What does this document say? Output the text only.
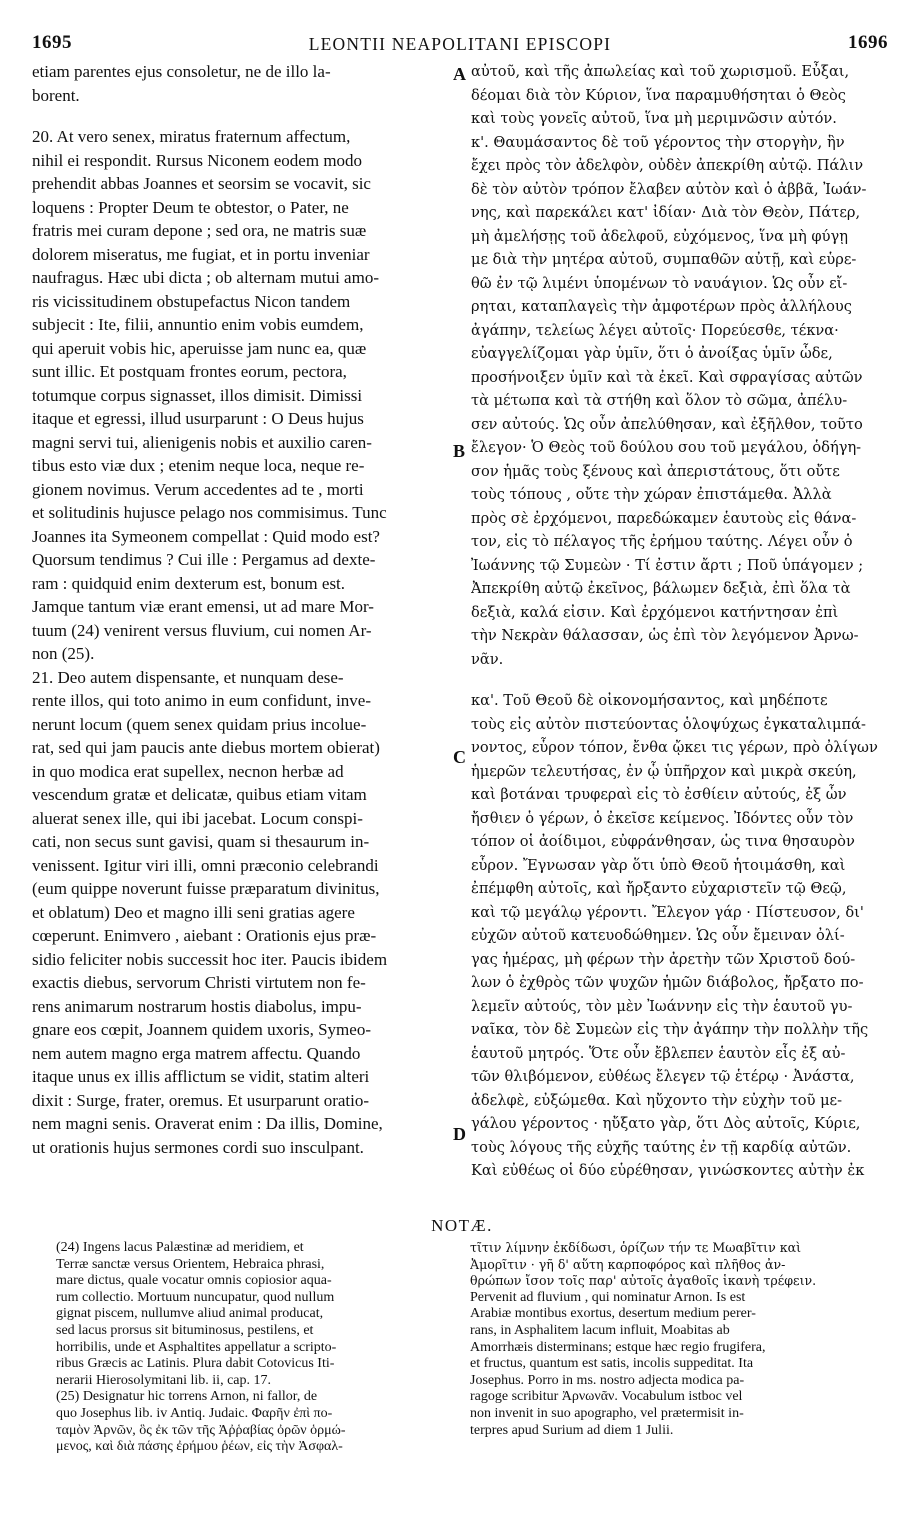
1695	LEONTII NEAPOLITANI EPISCOPI	1696
etiam parentes ejus consoletur, ne de illo la-
borent.
20. At vero senex, miratus fraternum affectum,
nihil ei respondit. Rursus Niconem eodem modo
prehendit abbas Joannes et seorsim se vocavit, sic
loquens : Propter Deum te obtestor, o Pater, ne
fratris mei curam depone ; sed ora, ne matris suæ
dolorem miseratus, me fugiat, et in portu inveniar
naufragus. Hæc ubi dicta ; ob alternam mutui amo-
ris vicissitudinem obstupefactus Nicon tandem
subjecit : Ite, filii, annuntio enim vobis eumdem,
qui aperuit vobis hic, aperuisse jam nunc ea, quæ
sunt illic. Et postquam frontes eorum, pectora,
totumque corpus signasset, illos dimisit. Dimissi
itaque et egressi, illud usurparunt : O Deus hujus
magni servi tui, alienigenis nobis et auxilio caren-
tibus esto viæ dux ; etenim neque loca, neque re-
gionem novimus. Verum accedentes ad te , morti
et solitudinis hujusce pelago nos commisimus. Tunc
Joannes ita Symeonem compellat : Quid modo est?
Quorsum tendimus ? Cui ille : Pergamus ad dexte-
ram : quidquid enim dexterum est, bonum est.
Jamque tantum viæ erant emensi, ut ad mare Mor-
tuum (24) venirent versus fluvium, cui nomen Ar-
non (25).
21. Deo autem dispensante, et nunquam dese-
rente illos, qui toto animo in eum confidunt, inve-
nerunt locum (quem senex quidam prius incolue-
rat, sed qui jam paucis ante diebus mortem obierat)
in quo modica erat supellex, necnon herbæ ad
vescendum gratæ et delicatæ, quibus etiam vitam
aluerat senex ille, qui ibi jacebat. Locum conspi-
cati, non secus sunt gavisi, quam si thesaurum in-
venissent. Igitur viri illi, omni præconio celebrandi
(eum quippe noverunt fuisse præparatum divinitus,
et oblatum) Deo et magno illi seni gratias agere
cœperunt. Enimvero , aiebant : Orationis ejus præ-
sidio feliciter nobis successit hoc iter. Paucis ibidem
exactis diebus, servorum Christi virtutem non fe-
rens animarum nostrarum hostis diabolus, impu-
gnare eos cœpit, Joannem quidem uxoris, Symeo-
nem autem magno erga matrem affectu. Quando
itaque unus ex illis afflictum se vidit, statim alteri
dixit : Surge, frater, oremus. Et usurparunt oratio-
nem magni senis. Oraverat enim : Da illis, Domine,
ut orationis hujus sermones cordi suo insculpant.
αὐτοῦ, καὶ τῆς ἀπωλείας καὶ τοῦ χωρισμοῦ. Εὖξαι,
δέομαι διὰ τὸν Κύριον, ἵνα παραμυθήσηται ὁ Θεὸς
καὶ τοὺς γονεῖς αὐτοῦ, ἵνα μὴ μεριμνῶσιν αὐτόν.
κ'. Θαυμάσαντος δὲ τοῦ γέροντος τὴν στοργὴν, ἣν
ἔχει πρὸς τὸν ἀδελφὸν, οὐδὲν ἀπεκρίθη αὐτῷ. Πάλιν
δὲ τὸν αὐτὸν τρόπον ἔλαβεν αὐτὸν καὶ ὁ ἀββᾶ, Ἰωάν-
νης, καὶ παρεκάλει κατ' ἰδίαν· Διὰ τὸν Θεὸν, Πάτερ,
μὴ ἀμελήσῃς τοῦ ἀδελφοῦ, εὐχόμενος, ἵνα μὴ φύγῃ
με διὰ τὴν μητέρα αὐτοῦ, συμπαθῶν αὐτῇ, καὶ εὑρε-
θῶ ἐν τῷ λιμένι ὑπομένων τὸ ναυάγιον. Ὡς οὖν εἴ-
ρηται, καταπλαγεὶς τὴν ἀμφοτέρων πρὸς ἀλλήλους
ἀγάπην, τελείως λέγει αὐτοῖς· Πορεύεσθε, τέκνα·
εὐαγγελίζομαι γὰρ ὑμῖν, ὅτι ὁ ἀνοίξας ὑμῖν ὧδε,
προσήνοιξεν ὑμῖν καὶ τὰ ἐκεῖ. Καὶ σφραγίσας αὐτῶν
τὰ μέτωπα καὶ τὰ στήθη καὶ ὅλον τὸ σῶμα, ἀπέλυ-
σεν αὐτούς. Ὡς οὖν ἀπελύθησαν, καὶ ἐξῆλθον, τοῦτο
ἔλεγον· Ὁ Θεὸς τοῦ δούλου σου τοῦ μεγάλου, ὁδήγη-
σον ἡμᾶς τοὺς ξένους καὶ ἀπεριστάτους, ὅτι οὔτε
τοὺς τόπους , οὔτε τὴν χώραν ἐπιστάμεθα. Ἀλλὰ
πρὸς σὲ ἐρχόμενοι, παρεδώκαμεν ἑαυτοὺς εἰς θάνα-
τον, εἰς τὸ πέλαγος τῆς ἐρήμου ταύτης. Λέγει οὖν ὁ
Ἰωάννης τῷ Συμεὼν · Τί ἐστιν ἄρτι ; Ποῦ ὑπάγομεν ;
Ἀπεκρίθη αὐτῷ ἐκεῖνος, βάλωμεν δεξιὰ, ἐπὶ ὅλα τὰ
δεξιὰ, καλά εἰσιν. Καὶ ἐρχόμενοι κατήντησαν ἐπὶ
τὴν Νεκρὰν θάλασσαν, ὡς ἐπὶ τὸν λεγόμενον Ἀρνω-
νᾶν.
κα'. Τοῦ Θεοῦ δὲ οἰκονομήσαντος, καὶ μηδέποτε
τοὺς εἰς αὐτὸν πιστεύοντας ὁλοψύχως ἐγκαταλιμπά-
νοντος, εὗρον τόπον, ἔνθα ᾤκει τις γέρων, πρὸ ὀλίγων
ἡμερῶν τελευτήσας, ἐν ᾧ ὑπῆρχον καὶ μικρὰ σκεύη,
καὶ βοτάναι τρυφεραὶ εἰς τὸ ἐσθίειν αὐτούς, ἐξ ὧν
ἤσθιεν ὁ γέρων, ὁ ἐκεῖσε κείμενος. Ἰδόντες οὖν τὸν
τόπον οἱ ἀοίδιμοι, εὐφράνθησαν, ὡς τινα θησαυρὸν
εὗρον. Ἔγνωσαν γὰρ ὅτι ὑπὸ Θεοῦ ἡτοιμάσθη, καὶ
ἐπέμφθη αὐτοῖς, καὶ ἤρξαντο εὐχαριστεῖν τῷ Θεῷ,
καὶ τῷ μεγάλῳ γέροντι. Ἔλεγον γάρ · Πίστευσον, δι'
εὐχῶν αὐτοῦ κατευοδώθημεν. Ὡς οὖν ἔμειναν ὀλί-
γας ἡμέρας, μὴ φέρων τὴν ἀρετὴν τῶν Χριστοῦ δού-
λων ὁ ἐχθρὸς τῶν ψυχῶν ἡμῶν διάβολος, ἤρξατο πο-
λεμεῖν αὐτούς, τὸν μὲν Ἰωάννην εἰς τὴν ἑαυτοῦ γυ-
ναῖκα, τὸν δὲ Συμεὼν εἰς τὴν ἀγάπην τὴν πολλὴν τῆς
ἑαυτοῦ μητρός. Ὅτε οὖν ἔβλεπεν ἑαυτὸν εἷς ἐξ αὐ-
τῶν θλιβόμενον, εὐθέως ἔλεγεν τῷ ἑτέρῳ · Ἀνάστα,
ἀδελφὲ, εὐξώμεθα. Καὶ ηὔχοντο τὴν εὐχὴν τοῦ με-
γάλου γέροντος · ηὔξατο γὰρ, ὅτι Δὸς αὐτοῖς, Κύριε,
τοὺς λόγους τῆς εὐχῆς ταύτης ἐν τῇ καρδίᾳ αὐτῶν.
Καὶ εὐθέως οἱ δύο εὑρέθησαν, γινώσκοντες αὐτὴν ἐκ
A
B
C
D
NOTÆ.
(24) Ingens lacus Palæstinæ ad meridiem, et
Terræ sanctæ versus Orientem, Hebraica phrasi,
mare dictus, quale vocatur omnis copiosior aqua-
rum collectio. Mortuum nuncupatur, quod nullum
gignat piscem, nullumve aliud animal producat,
sed lacus prorsus sit bituminosus, pestilens, et
horribilis, unde et Asphaltites appellatur a scripto-
ribus Græcis ac Latinis. Plura dabit Cotovicus Iti-
nerarii Hierosolymitani lib. ii, cap. 17.
(25) Designatur hic torrens Arnon, ni fallor, de
quo Josephus lib. iv Antiq. Judaic. Φαρῆν ἐπὶ πο-
ταμὸν Ἀρνῶν, ὃς ἐκ τῶν τῆς Ἀῤῥαβίας ὀρῶν ὁρμώ-
μενος, καὶ διὰ πάσης ἐρήμου ῥέων, εἰς τὴν Ἀσφαλ-
τῖτιν λίμνην ἐκδίδωσι, ὁρίζων τήν τε Μωαβῖτιν καὶ
Ἀμορῖτιν · γῆ δ' αὕτη καρποφόρος καὶ πλῆθος ἀν-
θρώπων ἴσον τοῖς παρ' αὐτοῖς ἀγαθοῖς ἱκανὴ τρέφειν.
Pervenit ad fluvium , qui nominatur Arnon. Is est
Arabiæ montibus exortus, desertum medium perer-
rans, in Asphalitem lacum influit, Moabitas ab
Amorrhæis disterminans; estque hæc regio frugifera,
et fructus, quantum est satis, incolis suppeditat. Ita
Josephus. Porro in ms. nostro adjecta modica pa-
ragoge scribitur Ἀρνωνᾶν. Vocabulum istboc vel
non invenit in suo apographo, vel prætermisit in-
terpres apud Surium ad diem 1 Julii.
